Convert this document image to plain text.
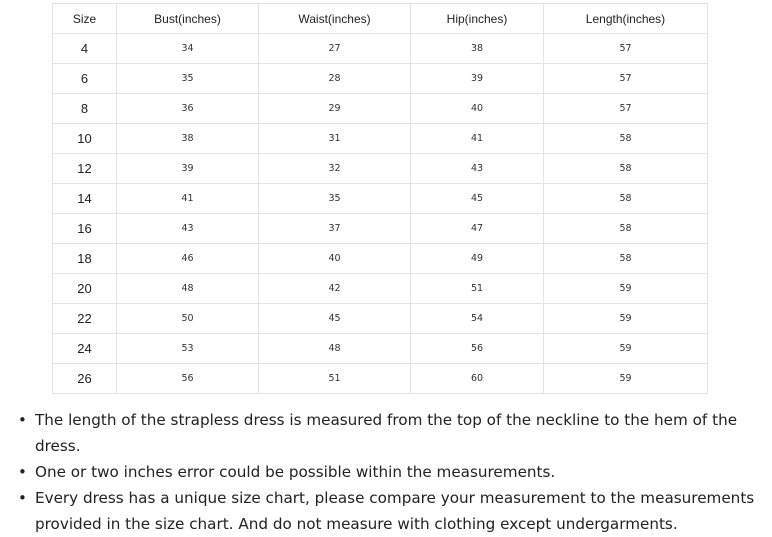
Size	Bust(inches)	Waist(inches)	Hip(inches)	Length(inches)
4	34	27	38	57
6	35	28	39	57
8	36	29	40	57
10	38	31	41	58
12	39	32	43	58
14	41	35	45	58
16	43	37	47	58
18	46	40	49	58
20	48	42	51	59
22	50	45	54	59
24	53	48	56	59
26	56	51	60	59
• The length of the strapless dress is measured from the top of the neckline to the hem of the dress.
• One or two inches error could be possible within the measurements.
• Every dress has a unique size chart, please compare your measurement to the measurements provided in the size chart. And do not measure with clothing except undergarments.
